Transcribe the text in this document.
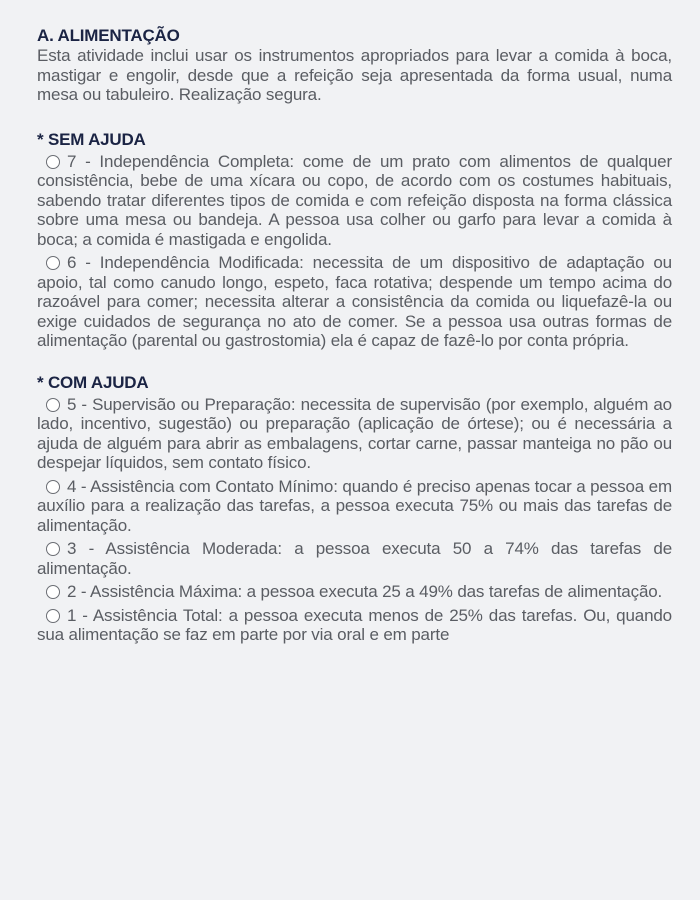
A. ALIMENTAÇÃO

Esta atividade inclui usar os instrumentos apropriados para levar a comida à boca, mastigar e engolir, desde que a refeição seja apresentada da forma usual, numa mesa ou tabuleiro. Realização segura.

* SEM AJUDA
7 - Independência Completa: come de um prato com alimentos de qualquer consistência, bebe de uma xícara ou copo, de acordo com os costumes habituais, sabendo tratar diferentes tipos de comida e com refeição disposta na forma clássica sobre uma mesa ou bandeja. A pessoa usa colher ou garfo para levar a comida à boca; a comida é mastigada e engolida.
6 - Independência Modificada: necessita de um dispositivo de adaptação ou apoio, tal como canudo longo, espeto, faca rotativa; despende um tempo acima do razoável para comer; necessita alterar a consistência da comida ou liquefazê-la ou exige cuidados de segurança no ato de comer. Se a pessoa usa outras formas de alimentação (parental ou gastrostomia) ela é capaz de fazê-lo por conta própria.
* COM AJUDA
5 - Supervisão ou Preparação: necessita de supervisão (por exemplo, alguém ao lado, incentivo, sugestão) ou preparação (aplicação de órtese); ou é necessária a ajuda de alguém para abrir as embalagens, cortar carne, passar manteiga no pão ou despejar líquidos, sem contato físico.
4 - Assistência com Contato Mínimo: quando é preciso apenas tocar a pessoa em auxílio para a realização das tarefas, a pessoa executa 75% ou mais das tarefas de alimentação.
3 - Assistência Moderada: a pessoa executa 50 a 74% das tarefas de alimentação.
2 - Assistência Máxima: a pessoa executa 25 a 49% das tarefas de alimentação.
1 - Assistência Total: a pessoa executa menos de 25% das tarefas. Ou, quando sua alimentação se faz em parte por via oral e em parte
